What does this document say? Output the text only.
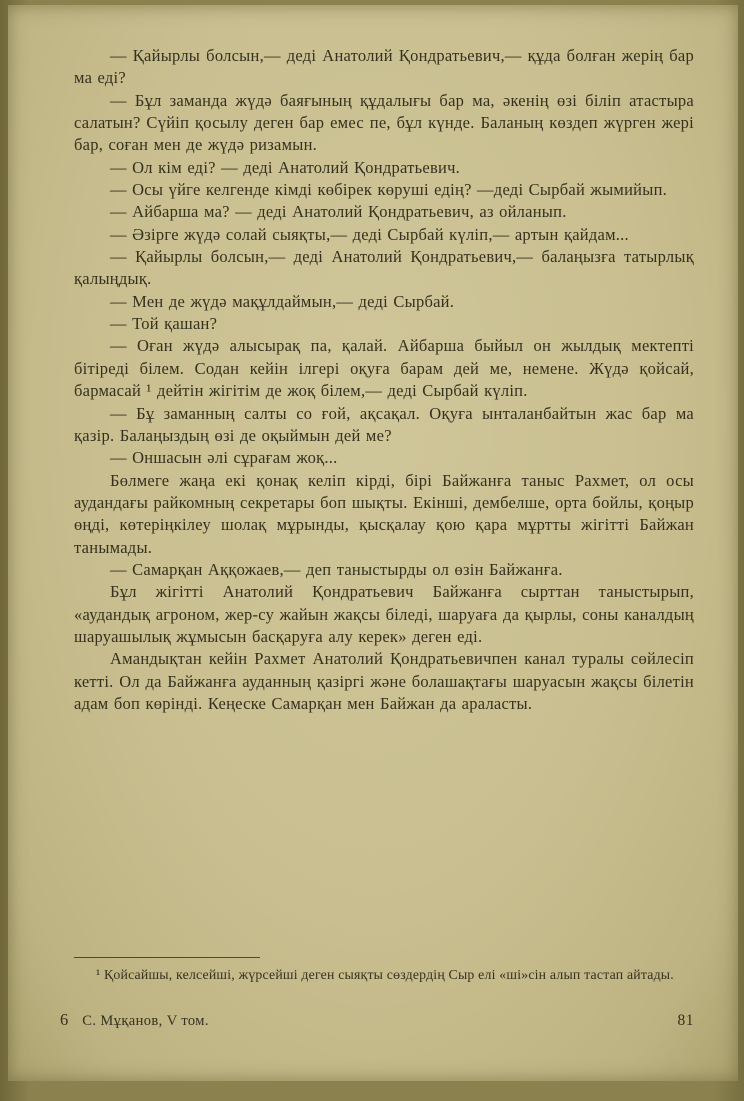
— Қайырлы болсын,— деді Анатолий Қондратьевич,— құда болған жерің бар ма еді?

— Бұл заманда жүдә баяғының құдалығы бар ма, әкенің өзі біліп атастыра салатын? Сүйіп қосылу деген бар емес пе, бұл күнде. Баланың көздеп жүрген жері бар, соған мен де жүдә ризамын.

— Ол кім еді? — деді Анатолий Қондратьевич.

— Осы үйге келгенде кімді көбірек көруші едің? —деді Сырбай жымийып.

— Айбарша ма? — деді Анатолий Қондратьевич, аз ойланып.

— Әзірге жүдә солай сыяқты,— деді Сырбай күліп,— артын қайдам...

— Қайырлы болсын,— деді Анатолий Қондратьевич,— балаңызға татырлық қалыңдық.

— Мен де жүдә мақұлдаймын,— деді Сырбай.

— Той қашан?

— Оған жүдә алысырақ па, қалай. Айбарша быйыл он жылдық мектепті бітіреді білем. Содан кейін ілгері оқуға барам дей ме, немене. Жүдә қойсай, бармасай ¹ дейтін жігітім де жоқ білем,— деді Сырбай күліп.

— Бұ заманның салты со ғой, ақсақал. Оқуға ынталанбайтын жас бар ма қазір. Балаңыздың өзі де оқыймын дей ме?

— Оншасын әлі сұрағам жоқ...

Бөлмеге жаңа екі қонақ келіп кірді, бірі Байжанға таныс Рахмет, ол осы аудандағы райкомның секретары боп шықты. Екінші, дембелше, орта бойлы, қоңыр өңді, көтеріңкілеу шолақ мұрынды, қысқалау қою қара мұртты жігітті Байжан танымады.

— Самарқан Аққожаев,— деп таныстырды ол өзін Байжанға.

Бұл жігітті Анатолий Қондратьевич Байжанға сырттан таныстырып, «аудандық агроном, жер-су жайын жақсы біледі, шаруаға да қырлы, соны каналдың шаруашылық жұмысын басқаруға алу керек» деген еді.

Амандықтан кейін Рахмет Анатолий Қондратьевичпен канал туралы сөйлесіп кетті. Ол да Байжанға ауданның қазіргі және болашақтағы шаруасын жақсы білетін адам боп көрінді. Кеңеске Самарқан мен Байжан да араласты.

¹ Қойсайшы, келсейші, жүрсейші деген сыяқты сөздердің Сыр елі «ші»сін алып тастап айтады.

6 С. Мұқанов, V том.	81
